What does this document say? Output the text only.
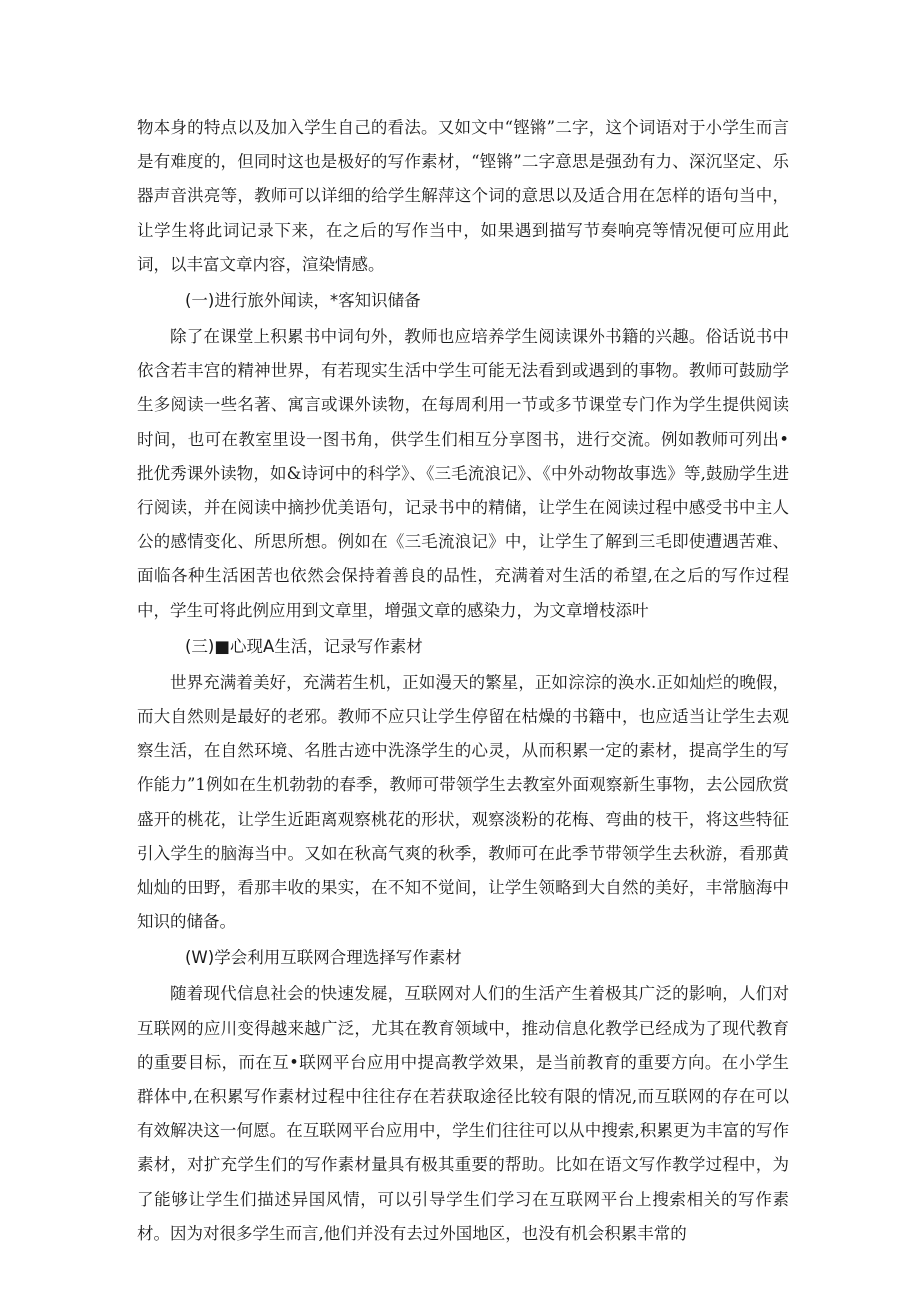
物本身的特点以及加入学生自己的看法。又如文中“铿锵”二字，这个词语对于小学生而言是有难度的，但同时这也是极好的写作素材，“铿锵”二字意思是强劲有力、深沉坚定、乐器声音洪亮等，教师可以详细的给学生解萍这个词的意思以及适合用在怎样的语句当中，让学生将此词记录下来，在之后的写作当中，如果遇到描写节奏响亮等情况便可应用此词，以丰富文章内容，渲染情感。

(一)进行旅外闻读，*客知识储备

除了在课堂上积累书中词句外，教师也应培养学生阅读课外书籍的兴趣。俗话说书中依含若丰宫的精神世界，有若现实生活中学生可能无法看到或遇到的事物。教师可鼓励学生多阅读一些名著、寓言或课外读物，在每周利用一节或多节课堂专门作为学生提供阅读时间，也可在教室里设一图书角，供学生们相互分享图书，进行交流。例如教师可列出•批优秀课外读物，如&诗诃中的科学》、《三毛流浪记》、《中外动物故事选》等,鼓励学生进行阅读，并在阅读中摘抄优美语句，记录书中的精储，让学生在阅读过程中感受书中主人公的感情变化、所思所想。例如在《三毛流浪记》中，让学生了解到三毛即使遭遇苦难、面临各种生活困苦也依然会保持着善良的品性，充满着对生活的希望,在之后的写作过程中，学生可将此例应用到文章里，增强文章的感染力，为文章增枝添叶

(三)■心现A生活，记录写作素材

世界充满着美好，充满若生机，正如漫天的繁星，正如淙淙的涣水.正如灿烂的晚假，而大自然则是最好的老邪。教师不应只让学生停留在枯燥的书籍中，也应适当让学生去观察生活，在自然环境、名胜古迹中洗涤学生的心灵，从而积累一定的素材，提高学生的写作能力”1例如在生机勃勃的春季，教师可带领学生去教室外面观察新生事物，去公园欣赏盛开的桃花，让学生近距离观察桃花的形状，观察淡粉的花梅、弯曲的枝干，将这些特征引入学生的脑海当中。又如在秋高气爽的秋季，教师可在此季节带领学生去秋游，看那黄灿灿的田野，看那丰收的果实，在不知不觉间，让学生领略到大自然的美好，丰常脑海中知识的储备。

(W)学会利用互联网合理选择写作素材

随着现代信息社会的快速发屣，互联网对人们的生活产生着极其广泛的影响，人们对互联网的应川变得越来越广泛，尤其在教育领域中，推动信息化教学已经成为了现代教育的重要目标，而在互•联网平台应用中提高教学效果，是当前教育的重要方向。在小学生群体中,在积累写作素材过程中往往存在若获取途径比较有限的情况,而互联网的存在可以有效解决这一何愿。在互联网平台应用中，学生们往往可以从中搜索,积累更为丰富的写作素材，对扩充学生们的写作素材量具有极其重要的帮助。比如在语文写作教学过程中，为了能够让学生们描述异国风情，可以引导学生们学习在互联网平台上搜索相关的写作素材。因为对很多学生而言,他们并没有去过外国地区，也没有机会积累丰常的
